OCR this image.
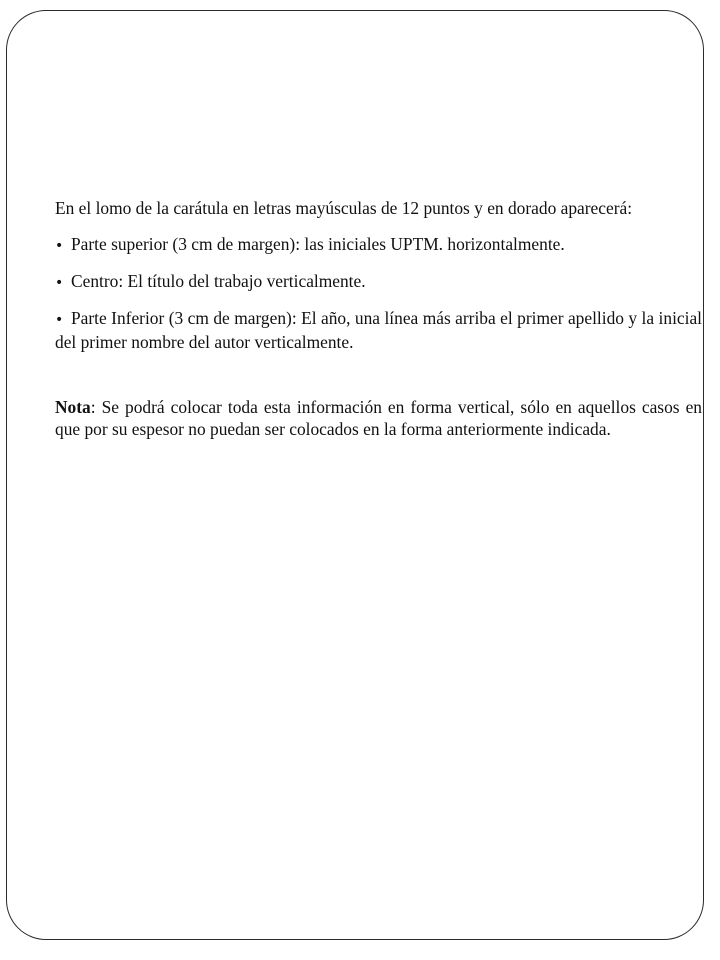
En el lomo de la carátula en letras mayúsculas de 12 puntos y en dorado aparecerá:

• Parte superior (3 cm de margen): las iniciales UPTM. horizontalmente.

• Centro: El título del trabajo verticalmente.

• Parte Inferior (3 cm de margen): El año, una línea más arriba el primer apellido y la inicial del primer nombre del autor verticalmente.

Nota: Se podrá colocar toda esta información en forma vertical, sólo en aquellos casos en que por su espesor no puedan ser colocados en la forma anteriormente indicada.
